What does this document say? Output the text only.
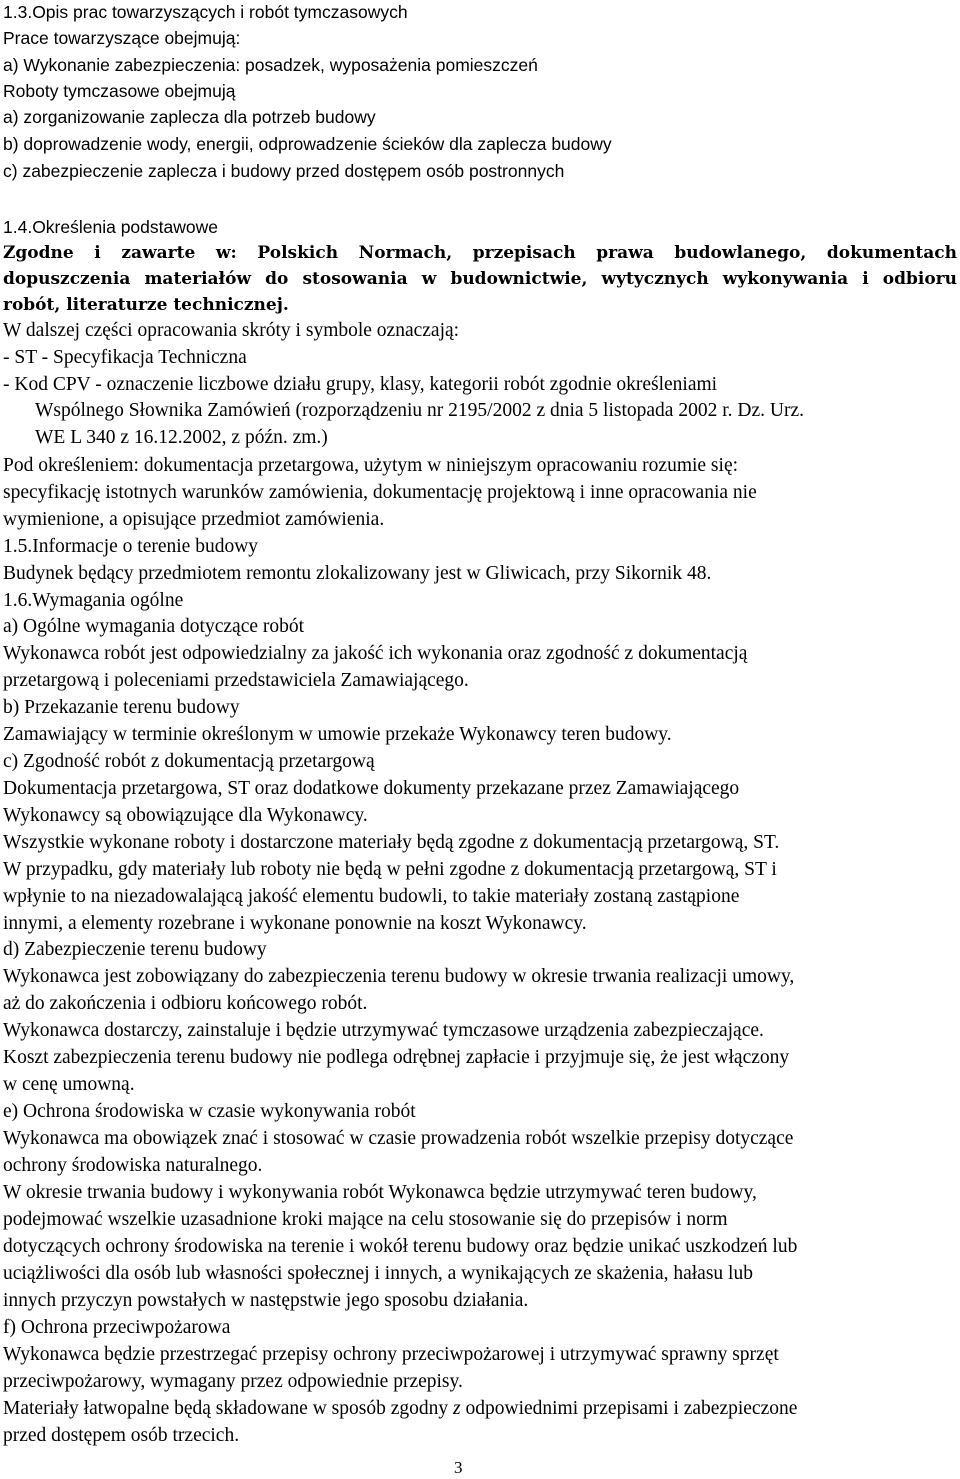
1.3.Opis prac towarzyszących i robót tymczasowych

Prace towarzyszące obejmują:

a) Wykonanie zabezpieczenia: posadzek, wyposażenia pomieszczeń

Roboty tymczasowe obejmują

a) zorganizowanie zaplecza dla potrzeb budowy

b) doprowadzenie wody, energii, odprowadzenie ścieków dla zaplecza budowy

c) zabezpieczenie zaplecza i budowy przed dostępem osób postronnych

1.4.Określenia podstawowe

Zgodne i zawarte w: Polskich Normach, przepisach prawa budowlanego, dokumentach

dopuszczenia materiałów do stosowania w budownictwie, wytycznych wykonywania i odbioru

robót, literaturze technicznej.

W dalszej części opracowania skróty i symbole oznaczają:

- ST - Specyfikacja Techniczna

- Kod CPV - oznaczenie liczbowe działu grupy, klasy, kategorii robót zgodnie określeniami

Wspólnego Słownika Zamówień (rozporządzeniu nr 2195/2002 z dnia 5 listopada 2002 r. Dz. Urz.

WE L 340 z 16.12.2002, z późn. zm.)

Pod określeniem: dokumentacja przetargowa, użytym w niniejszym opracowaniu rozumie się:

specyfikację istotnych warunków zamówienia, dokumentację projektową i inne opracowania nie

wymienione, a opisujące przedmiot zamówienia.

1.5.Informacje o terenie budowy

Budynek będący przedmiotem remontu zlokalizowany jest w Gliwicach, przy Sikornik 48.

1.6.Wymagania ogólne

a) Ogólne wymagania dotyczące robót

Wykonawca robót jest odpowiedzialny za jakość ich wykonania oraz zgodność z dokumentacją

przetargową i poleceniami przedstawiciela Zamawiającego.

b) Przekazanie terenu budowy

Zamawiający w terminie określonym w umowie przekaże Wykonawcy teren budowy.

c) Zgodność robót z dokumentacją przetargową

Dokumentacja przetargowa, ST oraz dodatkowe dokumenty przekazane przez Zamawiającego

Wykonawcy są obowiązujące dla Wykonawcy.

Wszystkie wykonane roboty i dostarczone materiały będą zgodne z dokumentacją przetargową, ST.

W przypadku, gdy materiały lub roboty nie będą w pełni zgodne z dokumentacją przetargową, ST i

wpłynie to na niezadowalającą jakość elementu budowli, to takie materiały zostaną zastąpione

innymi, a elementy rozebrane i wykonane ponownie na koszt Wykonawcy.

d) Zabezpieczenie terenu budowy

Wykonawca jest zobowiązany do zabezpieczenia terenu budowy w okresie trwania realizacji umowy,

aż do zakończenia i odbioru końcowego robót.

Wykonawca dostarczy, zainstaluje i będzie utrzymywać tymczasowe urządzenia zabezpieczające.

Koszt zabezpieczenia terenu budowy nie podlega odrębnej zapłacie i przyjmuje się, że jest włączony

w cenę umowną.

e) Ochrona środowiska w czasie wykonywania robót

Wykonawca ma obowiązek znać i stosować w czasie prowadzenia robót wszelkie przepisy dotyczące

ochrony środowiska naturalnego.

W okresie trwania budowy i wykonywania robót Wykonawca będzie utrzymywać teren budowy,

podejmować wszelkie uzasadnione kroki mające na celu stosowanie się do przepisów i norm

dotyczących ochrony środowiska na terenie i wokół terenu budowy oraz będzie unikać uszkodzeń lub

uciążliwości dla osób lub własności społecznej i innych, a wynikających ze skażenia, hałasu lub

innych przyczyn powstałych w następstwie jego sposobu działania.

f) Ochrona przeciwpożarowa

Wykonawca będzie przestrzegać przepisy ochrony przeciwpożarowej i utrzymywać sprawny sprzęt

przeciwpożarowy, wymagany przez odpowiednie przepisy.

Materiały łatwopalne będą składowane w sposób zgodny z odpowiednimi przepisami i zabezpieczone

przed dostępem osób trzecich.

3
